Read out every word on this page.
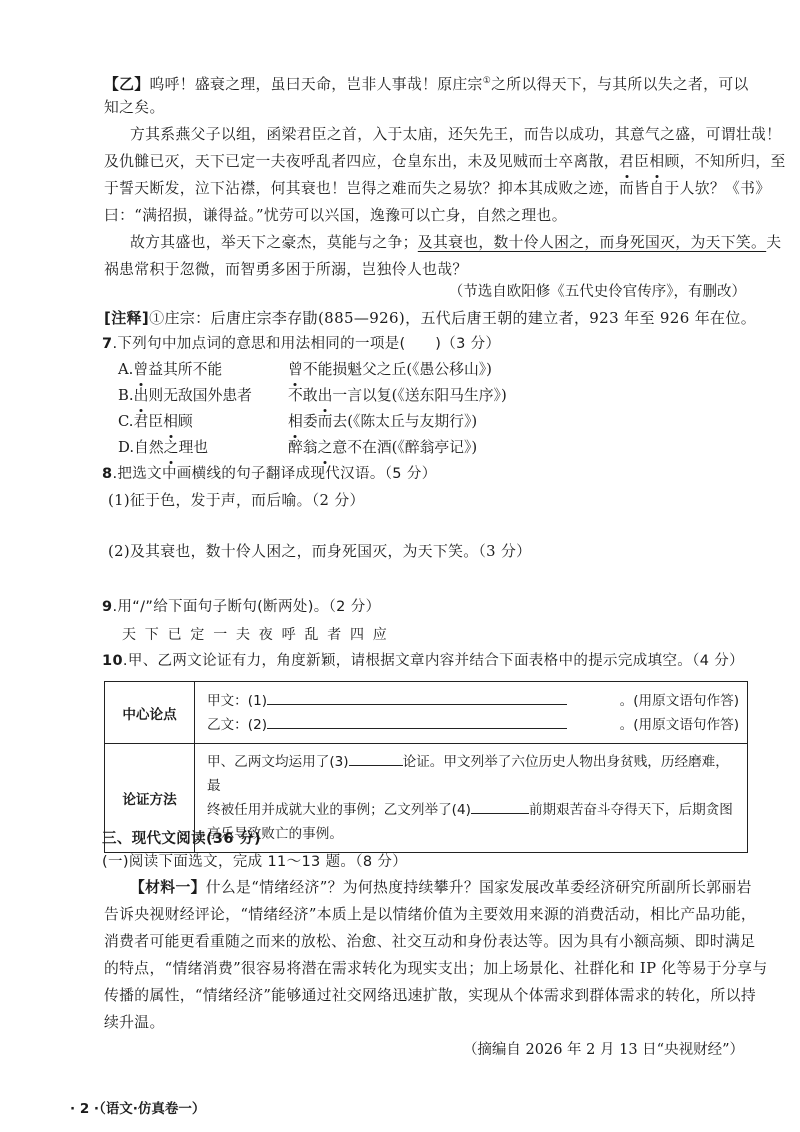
【乙】呜呼！盛衰之理，虽曰天命，岂非人事哉！原庄宗①之所以得天下，与其所以失之者，可以
知之矣。
方其系燕父子以组，函梁君臣之首，入于太庙，还矢先王，而告以成功，其意气之盛，可谓壮哉！
及仇雠已灭，天下已定一夫夜呼乱者四应，仓皇东出，未及见贼而士卒离散，君臣相顾，不知所归，至
于誓天断发，泣下沾襟，何其衰也！岂得之难而失之易欤？抑本其成败之迹，而皆自于人欤？《书》
曰：“满招损，谦得益。”忧劳可以兴国，逸豫可以亡身，自然之理也。
故方其盛也，举天下之豪杰，莫能与之争；及其衰也，数十伶人困之，而身死国灭，为天下笑。夫
祸患常积于忽微，而智勇多困于所溺，岂独伶人也哉？
（节选自欧阳修《五代史伶官传序》，有删改）
[注释]①庄宗：后唐庄宗李存勖(885—926)，五代后唐王朝的建立者，923 年至 926 年在位。
7.下列句中加点词的意思和用法相同的一项是(　　)（3 分）
A.曾益其所不能	曾不能损魁父之丘(《愚公移山》)
B.出则无敌国外患者 不敢出一言以复(《送东阳马生序》)
C.君臣相顾	相委而去(《陈太丘与友期行》)
D.自然之理也	醉翁之意不在酒(《醉翁亭记》)
8.把选文中画横线的句子翻译成现代汉语。（5 分）
(1)征于色，发于声，而后喻。（2 分）
(2)及其衰也，数十伶人困之，而身死国灭，为天下笑。（3 分）
9.用“/”给下面句子断句(断两处)。（2 分）
天下已定一夫夜呼乱者四应
10.甲、乙两文论证有力，角度新颖，请根据文章内容并结合下面表格中的提示完成填空。（4 分）
中心论点	甲文：(1) 。(用原文语句作答)
乙文：(2) 。(用原文语句作答)

论证方法	甲、乙两文均运用了(3) 论证。甲文列举了六位历史人物出身贫贱，历经磨难，最
终被任用并成就大业的事例；乙文列举了(4) 前期艰苦奋斗夺得天下，后期贪图
享乐导致败亡的事例。
三、现代文阅读(36 分)
(一)阅读下面选文，完成 11～13 题。（8 分）
【材料一】什么是“情绪经济”？为何热度持续攀升？国家发展改革委经济研究所副所长郭丽岩
告诉央视财经评论，“情绪经济”本质上是以情绪价值为主要效用来源的消费活动，相比产品功能，
消费者可能更看重随之而来的放松、治愈、社交互动和身份表达等。因为具有小额高频、即时满足
的特点，“情绪消费”很容易将潜在需求转化为现实支出；加上场景化、社群化和 IP 化等易于分享与
传播的属性，“情绪经济”能够通过社交网络迅速扩散，实现从个体需求到群体需求的转化，所以持
续升温。
（摘编自 2026 年 2 月 13 日“央视财经”）
· 2 ·（语文·仿真卷一）
